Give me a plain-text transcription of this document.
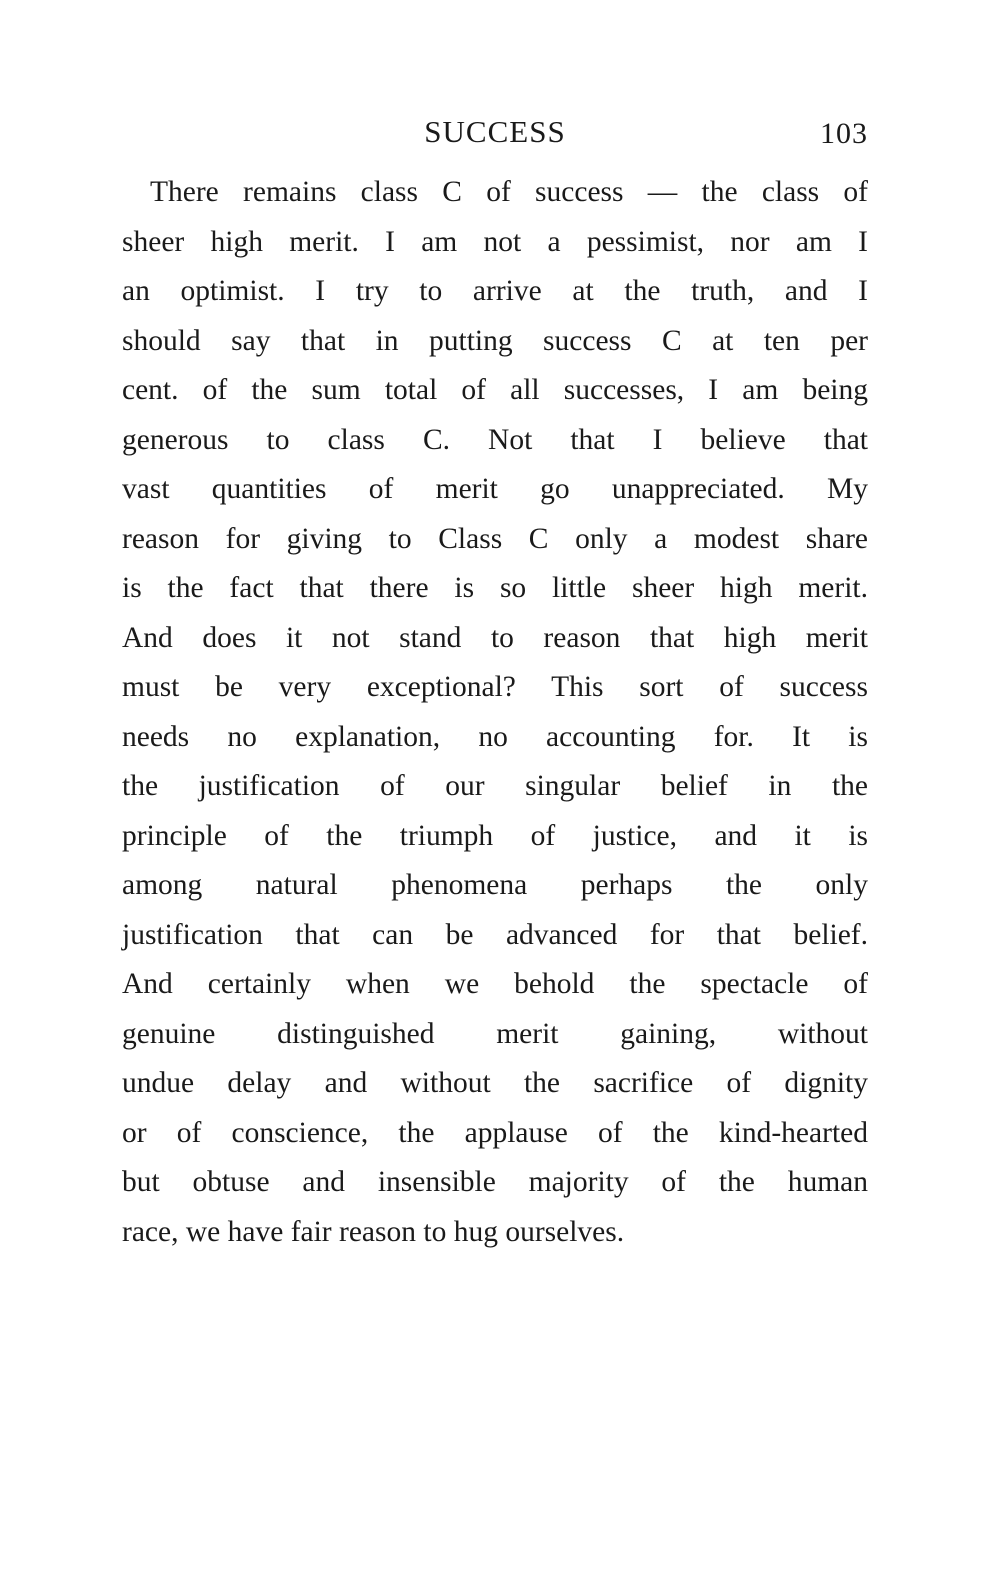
SUCCESS	103
There remains class C of success — the class of
sheer high merit. I am not a pessimist, nor am I
an optimist. I try to arrive at the truth, and I
should say that in putting success C at ten per
cent. of the sum total of all successes, I am being
generous to class C. Not that I believe that
vast quantities of merit go unappreciated. My
reason for giving to Class C only a modest share
is the fact that there is so little sheer high merit.
And does it not stand to reason that high merit
must be very exceptional? This sort of success
needs no explanation, no accounting for. It is
the justification of our singular belief in the
principle of the triumph of justice, and it is
among natural phenomena perhaps the only
justification that can be advanced for that belief.
And certainly when we behold the spectacle of
genuine distinguished merit gaining, without
undue delay and without the sacrifice of dignity
or of conscience, the applause of the kind-hearted
but obtuse and insensible majority of the human
race, we have fair reason to hug ourselves.
